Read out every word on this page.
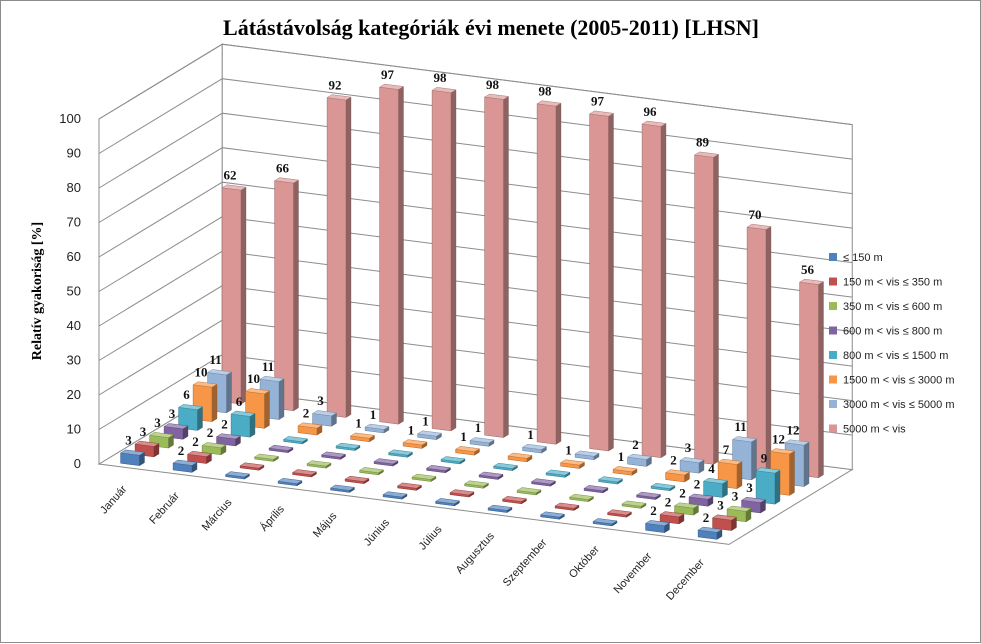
Látástávolság kategóriák évi menete (2005-2011) [LHSN]
Relatív gyakoriság [%]
0
10
20
30
40
50
60
70
80
90
100
62	66
92
97	98	98	98
97
96
89
70
56
11	11
3
1	1	1	1
2	3
11	12
10	10
2
1	1	1
1	1	2
7
12
6	6
4
9
3
2
2	3
3
2
2	3
3
2
2	3
3
2
2	2
Január Február Március Április Május Június Július Augusztus Szeptember Október November December
≤ 150 m
150 m < vis ≤ 350 m
350 m < vis ≤ 600 m
600 m < vis ≤ 800 m
800 m < vis ≤ 1500 m
1500 m < vis ≤ 3000 m
3000 m < vis ≤ 5000 m
5000 m < vis
